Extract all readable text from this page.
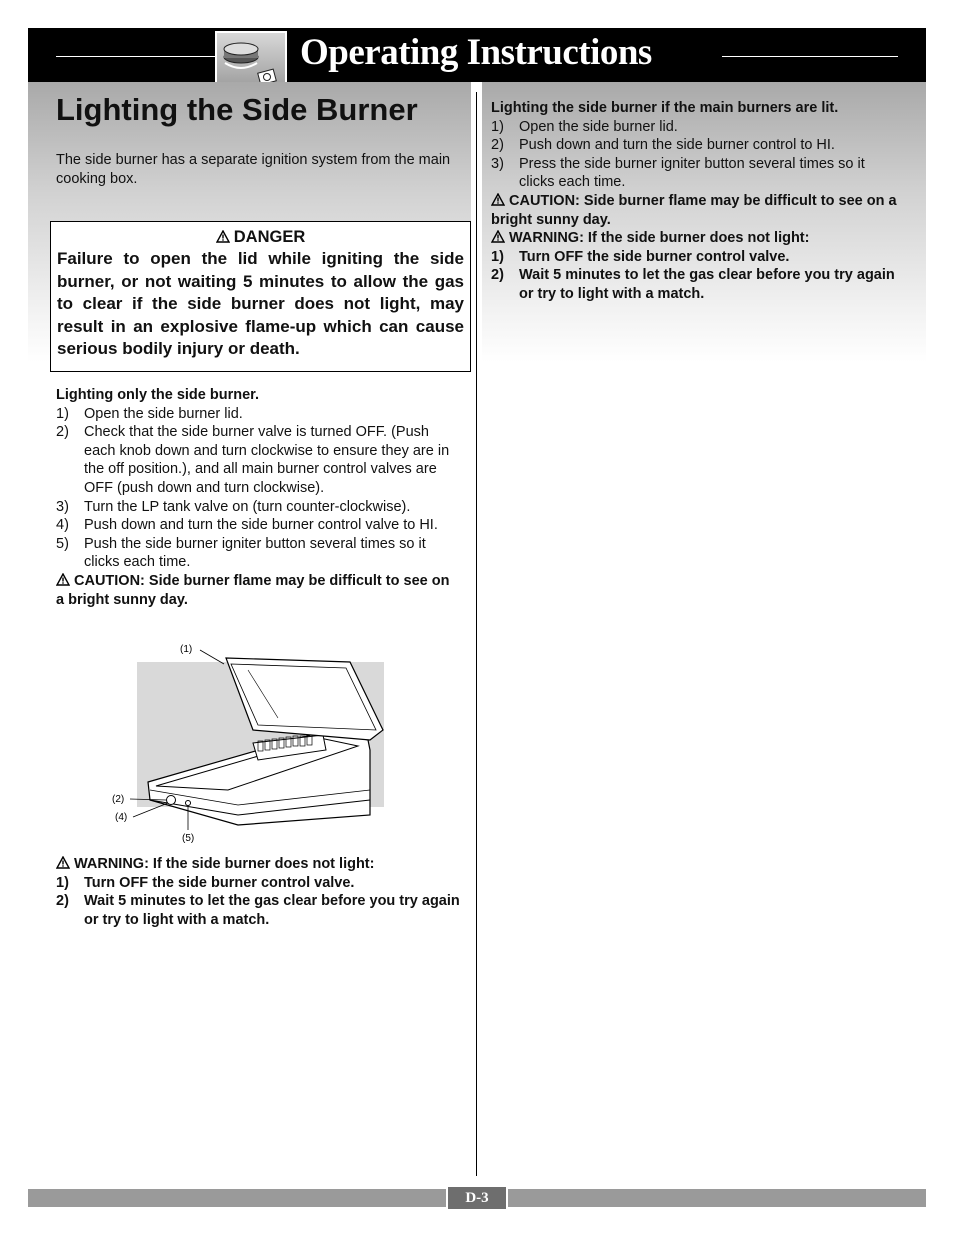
Operating Instructions
Lighting the Side Burner

The side burner has a separate ignition system from the main cooking box.

DANGER
Failure to open the lid while igniting the side burner, or not waiting 5 minutes to allow the gas to clear if the side burner does not light, may result in an explosive flame-up which can cause serious bodily injury or death.
Lighting only the side burner.
1) Open the side burner lid.
2) Check that the side burner valve is turned OFF. (Push each knob down and turn clockwise to ensure they are in the off position.), and all main burner control valves are OFF (push down and turn clockwise).
3) Turn the LP tank valve on (turn counter-clockwise).
4) Push down and turn the side burner control valve to HI.
5) Push the side burner igniter button several times so it clicks each time.
CAUTION: Side burner flame may be difficult to see on a bright sunny day.
(1)
(2)
(4)
(5)
WARNING: If the side burner does not light:
1) Turn OFF the side burner control valve.
2) Wait 5 minutes to let the gas clear before you try again or try to light with a match.
Lighting the side burner if the main burners are lit.
1) Open the side burner lid.
2) Push down and turn the side burner control to HI.
3) Press the side burner igniter button several times so it clicks each time.
CAUTION: Side burner flame may be difficult to see on a bright sunny day.
WARNING: If the side burner does not light:
1) Turn OFF the side burner control valve.
2) Wait 5 minutes to let the gas clear before you try again or try to light with a match.
D-3
